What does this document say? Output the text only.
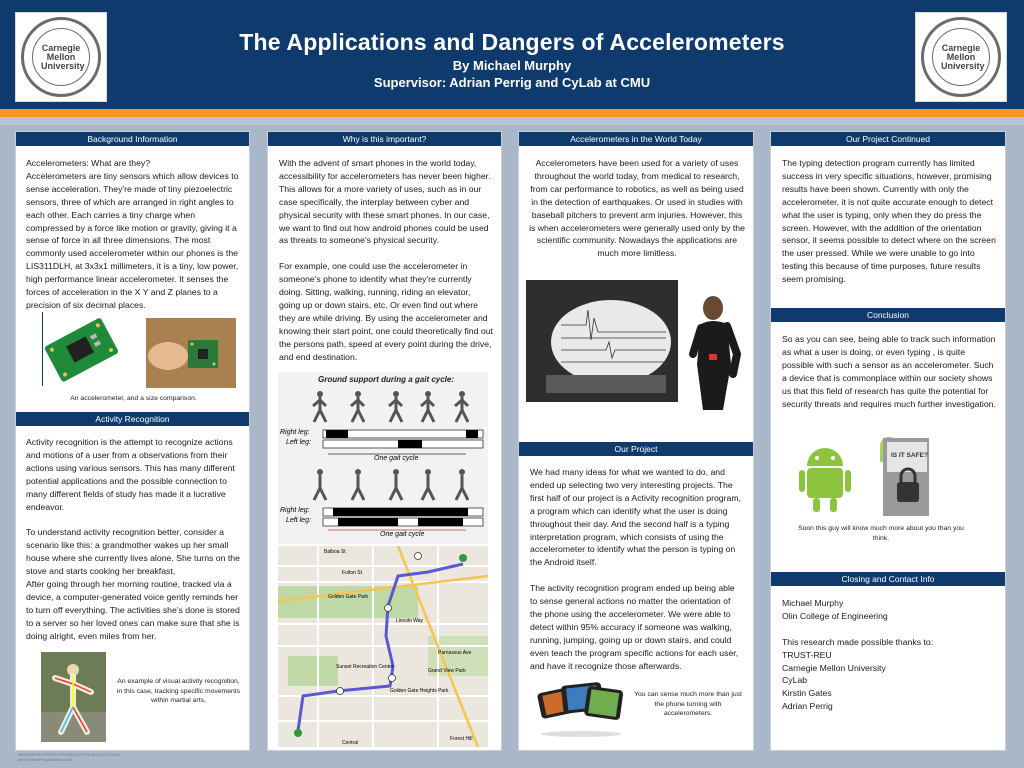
Carnegie Mellon University
Carnegie Mellon University
The Applications and Dangers of Accelerometers
By Michael Murphy
Supervisor: Adrian Perrig and CyLab at CMU
Background Information
Accelerometers: What are they?
Accelerometers are tiny sensors which allow devices to sense acceleration. They're made of tiny piezoelectric sensors, three of which are arranged in right angles to each other. Each carries a tiny charge when compressed by a force like motion or gravity, giving it a sense of force in all three dimensions. The most commonly used accelerometer within our phones is the LIS311DLH, at 3x3x1 millimeters, it is a tiny, low power, high performance linear accelerometer. It senses the forces of acceleration in the X Y and Z planes to a precision of six decimal places.
An accelerometer, and a size comparison.
Activity Recognition
Activity recognition is the attempt to recognize actions and motions of a user from a observations from their actions using various sensors. This has many different potential applications and the possible connection to many different fields of study has made it a lucrative endeavor.

To understand activity recognition better, consider a scenario like this: a grandmother wakes up her small house where she currently lives alone. She turns on the stove and starts cooking her breakfast,
After going through her morning routine, tracked via a device, a computer-generated voice gently reminds her to turn off everything. The activities she's done is stored to a server so her loved ones can make sure that she is doing alright, even miles from her.
An example of visual activity recognition, in this case, tracking specific movements within martial arts.
Why is this important?
With the advent of smart phones in the world today, accessibility for accelerometers has never been higher. This allows for a more variety of uses, such as in our case specifically, the interplay between cyber and physical security with these smart phones. In our case, we want to find out how android phones could be used as threats to someone's physical security.

For example, one could use the accelerometer in someone's phone to identify what they're currently doing. Sitting, walking, running, riding an elevator, going up or down stairs, etc. Or even find out where they are while driving. By using the accelerometer and knowing their start point, one could theoretically find out the persons path, speed at every point during the drive, and end destination.
Ground support during a gait cycle:
Right leg:
Left leg:
One gait cycle
Right leg:
Left leg:
One gait cycle
Balboa St
Fulton St
Golden Gate Park
Lincoln Way
Sunset Recreation Center
Grand View Park
Golden Gate Heights Park
Forest Hill
Central
Parnassus Ave
Accelerometers in the World Today
Accelerometers have been used for a variety of uses throughout the world today, from medical to research, from car performance to robotics, as well as being used in the detection of earthquakes. Or used in studies with baseball pitchers to prevent arm injuries. However, this is when accelerometers were generally used only by the scientific community. Nowadays the applications are much more limitless.
Our Project
We had many ideas for what we wanted to do, and ended up selecting two very interesting projects. The first half of our project is a Activity recognition program, a program which can identify what the user is doing throughout their day. And the second half is a typing interpretation program, which consists of using the accelerometer to identify what the person is typing on the Android itself.

The activity recognition program ended up being able to sense general actions no matter the orientation of the phone using the accelerometer. We were able to detect within 95% accuracy if someone was walking, running, jumping, going up or down stairs, and could even teach the program specific actions for each user, and have it recognize those afterwards.
You can sense much more than just the phone turning with accelerometers.
Our Project Continued
The typing detection program currently has limited success in very specific situations, however, promising results have been shown. Currently with only the accelerometer, it is not quite accurate enough to detect what the user is typing, only when they do press the screen. However, with the addition of the orientation sensor, it seems possible to detect where on the screen the user pressed. While we were unable to go into testing this because of time purposes, future results seem promising.
Conclusion
So as you can see, being able to track such information as what a user is doing, or even typing , is quite possible with such a sensor as an accelerometer. Such a device that is commonplace within our society shows us that this field of research has quite the potential for security threats and requires much further investigation.
IS IT SAFE?
Soon this guy will know much more about you than you think.
Closing and Contact Info
Michael Murphy
Olin College of Engineering

This research made possible thanks to:
TRUST-REU
Carnegie Mellon University
CyLab
Kirstin Gates
Adrian Perrig
RESEARCH POSTER PRESENTATION DESIGN © 2011
www.PosterPresentations.com
